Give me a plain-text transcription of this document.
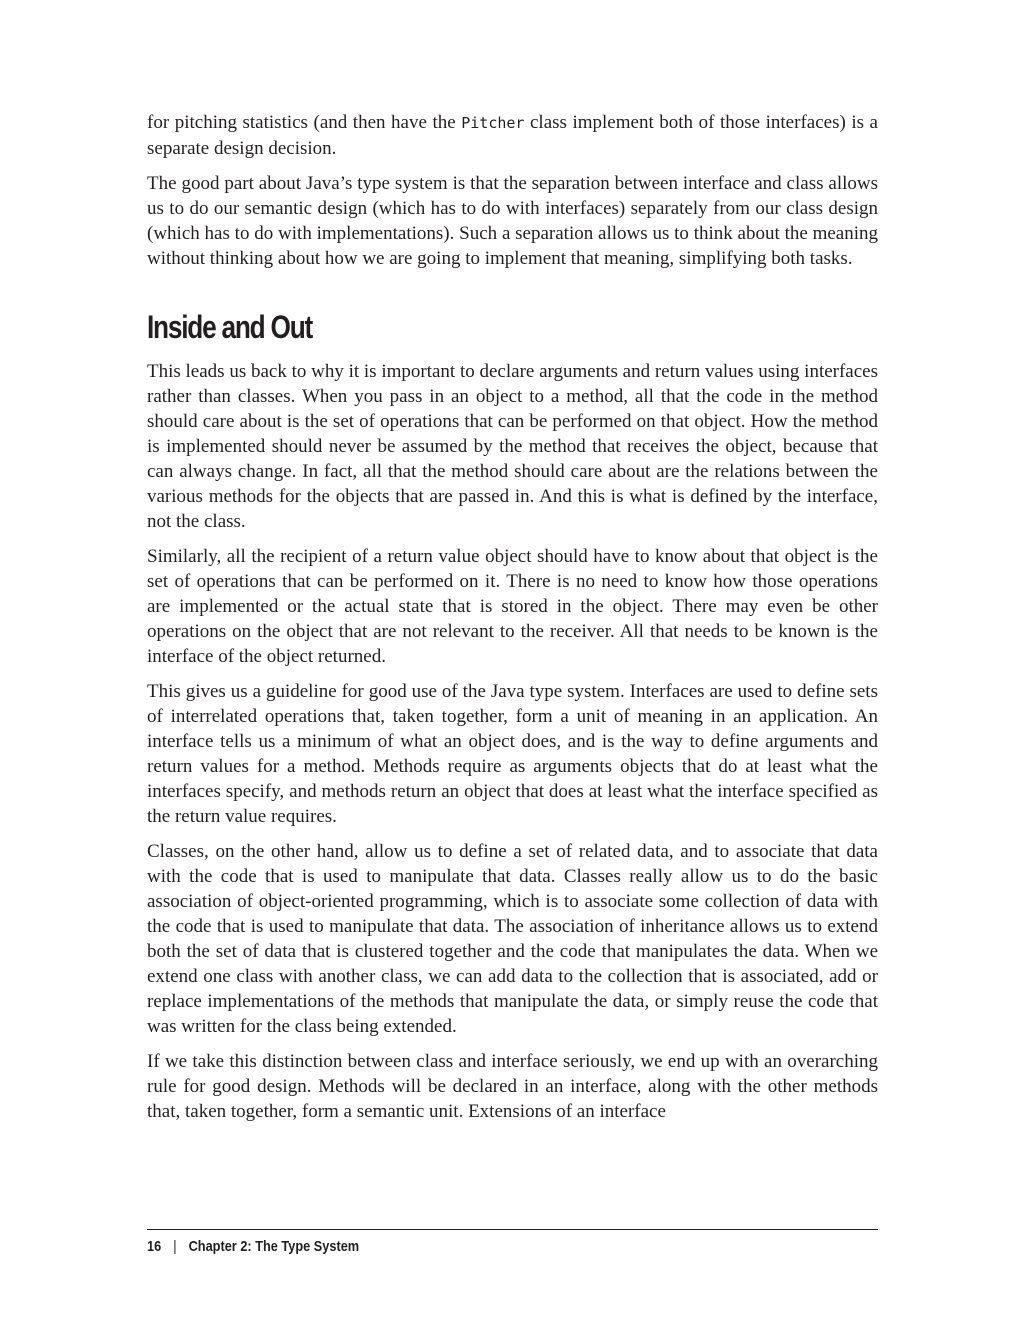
for pitching statistics (and then have the Pitcher class implement both of those interfaces) is a separate design decision.

The good part about Java’s type system is that the separation between interface and class allows us to do our semantic design (which has to do with interfaces) separately from our class design (which has to do with implementations). Such a separation allows us to think about the meaning without thinking about how we are going to implement that meaning, simplifying both tasks.

Inside and Out

This leads us back to why it is important to declare arguments and return values using interfaces rather than classes. When you pass in an object to a method, all that the code in the method should care about is the set of operations that can be performed on that object. How the method is implemented should never be assumed by the method that receives the object, because that can always change. In fact, all that the method should care about are the relations between the various methods for the objects that are passed in. And this is what is defined by the interface, not the class.

Similarly, all the recipient of a return value object should have to know about that object is the set of operations that can be performed on it. There is no need to know how those operations are implemented or the actual state that is stored in the object. There may even be other operations on the object that are not relevant to the receiver. All that needs to be known is the interface of the object returned.

This gives us a guideline for good use of the Java type system. Interfaces are used to define sets of interrelated operations that, taken together, form a unit of meaning in an application. An interface tells us a minimum of what an object does, and is the way to define arguments and return values for a method. Methods require as arguments objects that do at least what the interfaces specify, and methods return an object that does at least what the interface specified as the return value requires.

Classes, on the other hand, allow us to define a set of related data, and to associate that data with the code that is used to manipulate that data. Classes really allow us to do the basic association of object-oriented programming, which is to associate some collection of data with the code that is used to manipulate that data. The association of inheritance allows us to extend both the set of data that is clustered together and the code that manipulates the data. When we extend one class with another class, we can add data to the collection that is associated, add or replace implementations of the methods that manipulate the data, or simply reuse the code that was written for the class being extended.

If we take this distinction between class and interface seriously, we end up with an overarching rule for good design. Methods will be declared in an interface, along with the other methods that, taken together, form a semantic unit. Extensions of an interface

16 | Chapter 2: The Type System
